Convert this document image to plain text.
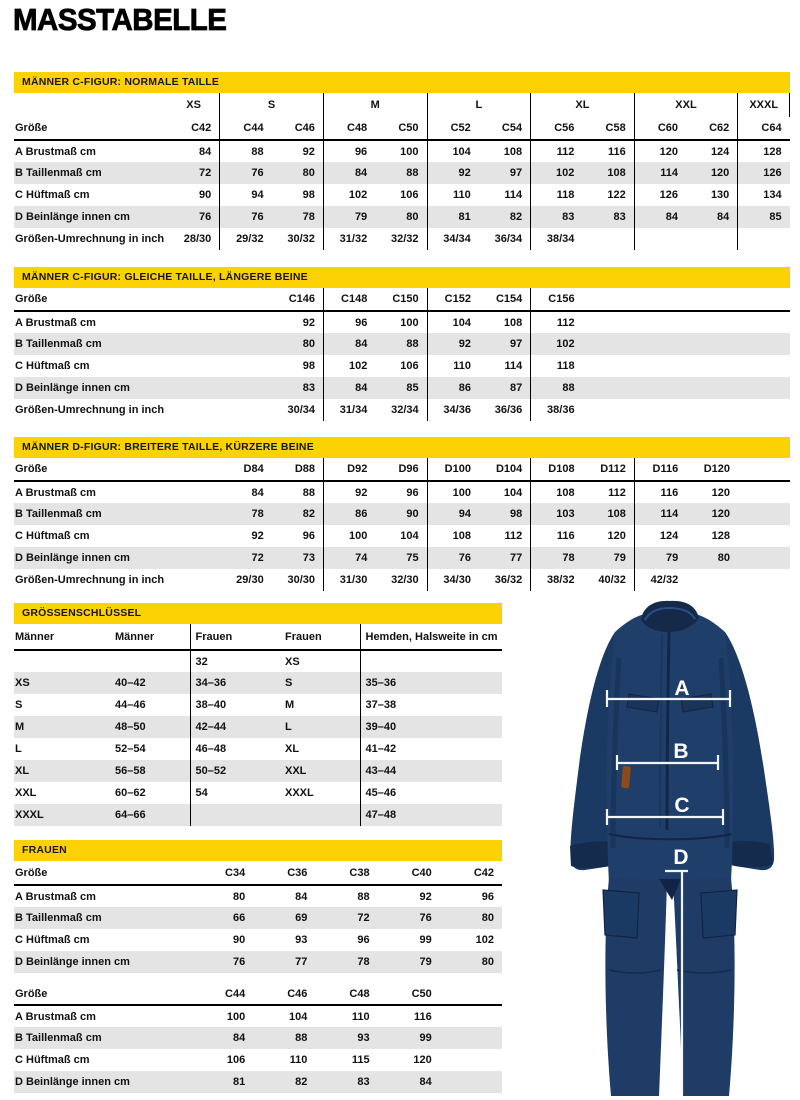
MASSTABELLE
MÄNNER C-FIGUR: NORMALE TAILLE
	XS	S		M		L		XL		XXL		XXXL
Größe	C42	C44	C46	C48	C50	C52	C54	C56	C58	C60	C62	C64
A Brustmaß cm	84	88	92	96	100	104	108	112	116	120	124	128
B Taillenmaß cm	72	76	80	84	88	92	97	102	108	114	120	126
C Hüftmaß cm	90	94	98	102	106	110	114	118	122	126	130	134
D Beinlänge innen cm	76	76	78	79	80	81	82	83	83	84	84	85
Größen-Umrechnung in inch	28/30	29/32	30/32	31/32	32/32	34/34	36/34	38/34				
MÄNNER C-FIGUR: GLEICHE TAILLE, LÄNGERE BEINE
Größe			C146	C148	C150	C152	C154	C156				
A Brustmaß cm			92	96	100	104	108	112				
B Taillenmaß cm			80	84	88	92	97	102				
C Hüftmaß cm			98	102	106	110	114	118				
D Beinlänge innen cm			83	84	85	86	87	88				
Größen-Umrechnung in inch			30/34	31/34	32/34	34/36	36/36	38/36				
MÄNNER D-FIGUR: BREITERE TAILLE, KÜRZERE BEINE
Größe		D84	D88	D92	D96	D100	D104	D108	D112	D116	D120	
A Brustmaß cm		84	88	92	96	100	104	108	112	116	120	
B Taillenmaß cm		78	82	86	90	94	98	103	108	114	120	
C Hüftmaß cm		92	96	100	104	108	112	116	120	124	128	
D Beinlänge innen cm		72	73	74	75	76	77	78	79	79	80	
Größen-Umrechnung in inch		29/30	30/30	31/30	32/30	34/30	36/32	38/32	40/32	42/32		
GRÖSSENSCHLÜSSEL
Männer	Männer	Frauen	Frauen	Hemden, Halsweite in cm
		32	XS	
XS	40–42	34–36	S	35–36
S	44–46	38–40	M	37–38
M	48–50	42–44	L	39–40
L	52–54	46–48	XL	41–42
XL	56–58	50–52	XXL	43–44
XXL	60–62	54	XXXL	45–46
XXXL	64–66			47–48
FRAUEN
Größe	C34	C36	C38	C40	C42
A Brustmaß cm	80	84	88	92	96
B Taillenmaß cm	66	69	72	76	80
C Hüftmaß cm	90	93	96	99	102
D Beinlänge innen cm	76	77	78	79	80
Größe	C44	C46	C48	C50	
A Brustmaß cm	100	104	110	116	
B Taillenmaß cm	84	88	93	99	
C Hüftmaß cm	106	110	115	120	
D Beinlänge innen cm	81	82	83	84	
A
B
C
D
